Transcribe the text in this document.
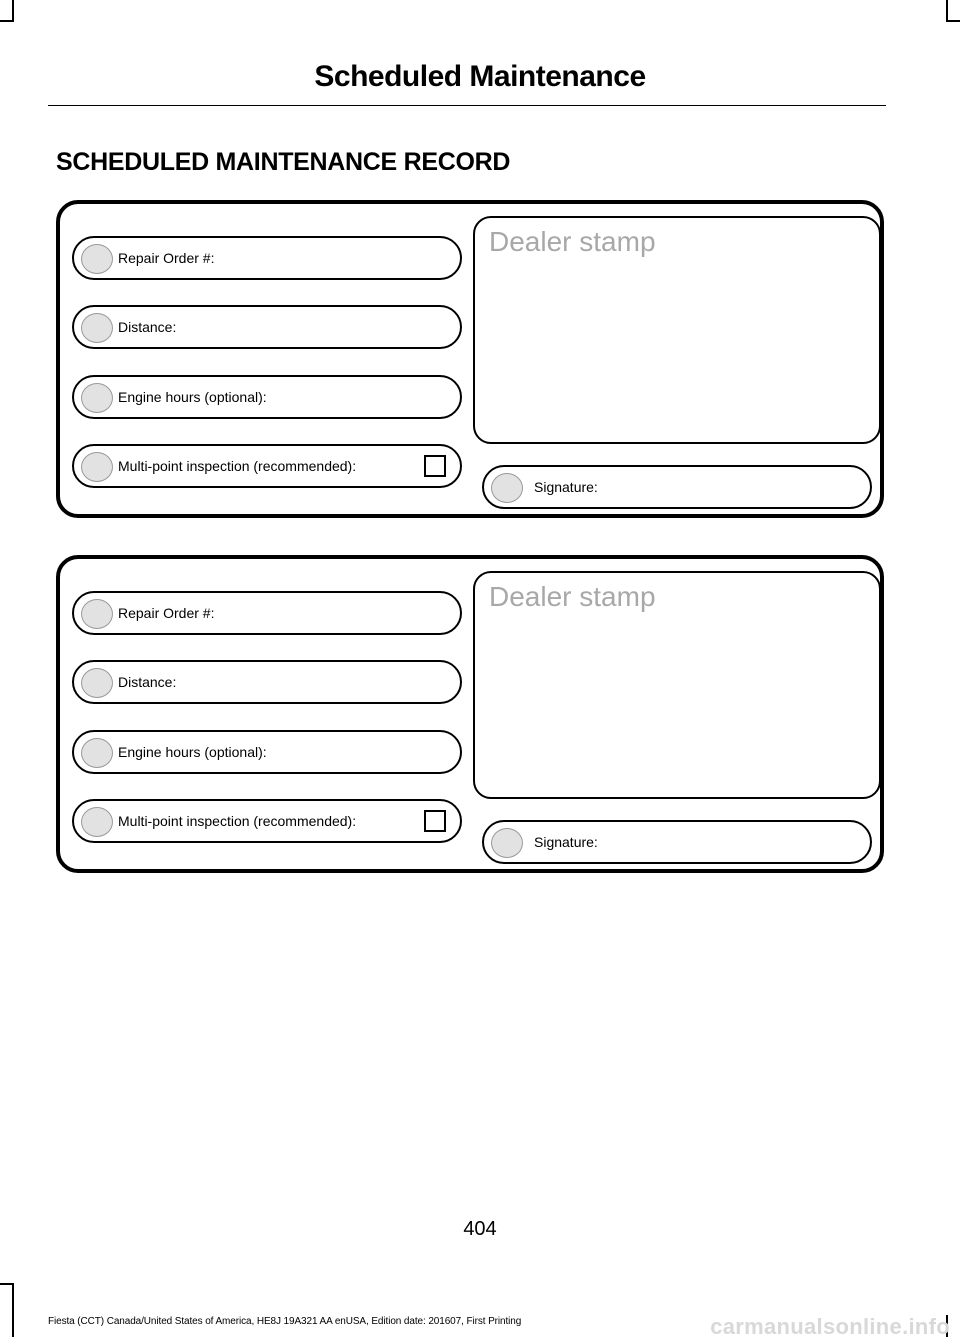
Scheduled Maintenance
SCHEDULED MAINTENANCE RECORD
Repair Order #:
Distance:
Engine hours (optional):
Multi-point inspection (recommended):
Dealer stamp
Signature:
Repair Order #:
Distance:
Engine hours (optional):
Multi-point inspection (recommended):
Dealer stamp
Signature:
404
Fiesta (CCT) Canada/United States of America, HE8J 19A321 AA enUSA, Edition date: 201607, First Printing	carmanualsonline.info
